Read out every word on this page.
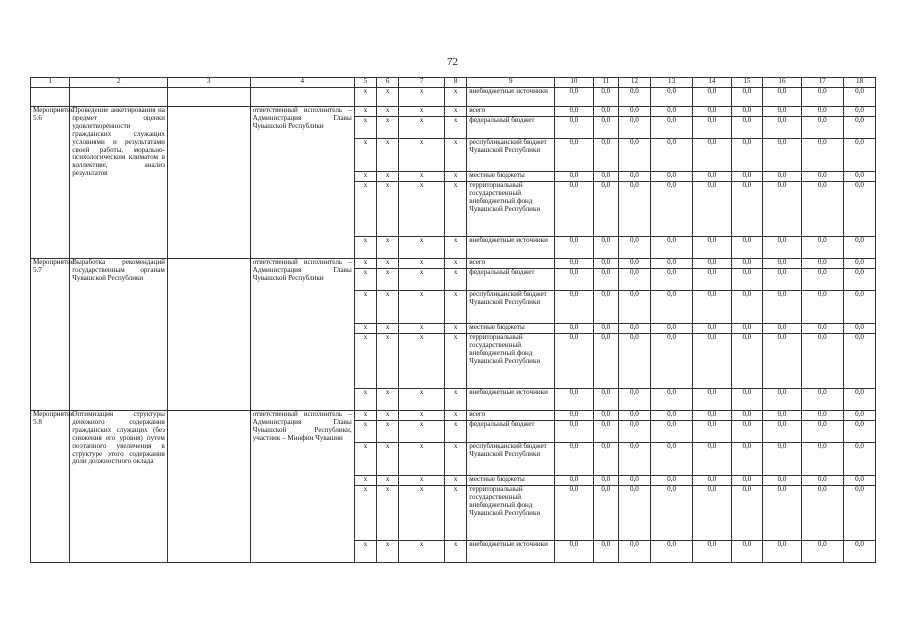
72
1	2	3	4	5	6	7	8	9	10	11	12	13	14	15	16	17	18
				x	x	x	x	внебюджетные источники	0,0	0,0	0,0	0,0	0,0	0,0	0,0	0,0	0,0
Мероприятие 5.6	Проведение анкетирования на предмет оценки удовлетворенности гражданских служащих условиями и результатами своей работы, морально-психологическим климатом в коллективе, анализ результатов		ответственный исполнитель – Администрация Главы Чувашской Республики	x	x	x	x	всего	0,0	0,0	0,0	0,0	0,0	0,0	0,0	0,0	0,0
				x	x	x	x	федеральный бюджет	0,0	0,0	0,0	0,0	0,0	0,0	0,0	0,0	0,0
				x	x	x	x	республиканский бюджет Чувашской Республики	0,0	0,0	0,0	0,0	0,0	0,0	0,0	0,0	0,0
				x	x	x	x	местные бюджеты	0,0	0,0	0,0	0,0	0,0	0,0	0,0	0,0	0,0
				x	x	x	x	территориальный государственный внебюджетный фонд Чувашской Республики	0,0	0,0	0,0	0,0	0,0	0,0	0,0	0,0	0,0
				x	x	x	x	внебюджетные источники	0,0	0,0	0,0	0,0	0,0	0,0	0,0	0,0	0,0
Мероприятие 5.7	Выработка рекомендаций государственным органам Чувашской Республики		ответственный исполнитель – Администрация Главы Чувашской Республики	x	x	x	x	всего	0,0	0,0	0,0	0,0	0,0	0,0	0,0	0,0	0,0
				x	x	x	x	федеральный бюджет	0,0	0,0	0,0	0,0	0,0	0,0	0,0	0,0	0,0
				x	x	x	x	республиканский бюджет Чувашской Республики	0,0	0,0	0,0	0,0	0,0	0,0	0,0	0,0	0,0
				x	x	x	x	местные бюджеты	0,0	0,0	0,0	0,0	0,0	0,0	0,0	0,0	0,0
				x	x	x	x	территориальный государственный внебюджетный фонд Чувашской Республики	0,0	0,0	0,0	0,0	0,0	0,0	0,0	0,0	0,0
				x	x	x	x	внебюджетные источники	0,0	0,0	0,0	0,0	0,0	0,0	0,0	0,0	0,0
Мероприятие 5.8	Оптимизация структуры денежного содержания гражданских служащих (без снижения его уровня) путем поэтапного увеличения в структуре этого содержания доли должностного оклада		ответственный исполнитель – Администрация Главы Чувашской Республики, участник – Минфин Чувашии	x	x	x	x	всего	0,0	0,0	0,0	0,0	0,0	0,0	0,0	0,0	0,0
				x	x	x	x	федеральный бюджет	0,0	0,0	0,0	0,0	0,0	0,0	0,0	0,0	0,0
				x	x	x	x	республиканский бюджет Чувашской Республики	0,0	0,0	0,0	0,0	0,0	0,0	0,0	0,0	0,0
				x	x	x	x	местные бюджеты	0,0	0,0	0,0	0,0	0,0	0,0	0,0	0,0	0,0
				x	x	x	x	территориальный государственный внебюджетный фонд Чувашской Республики	0,0	0,0	0,0	0,0	0,0	0,0	0,0	0,0	0,0
				x	x	x	x	внебюджетные источники	0,0	0,0	0,0	0,0	0,0	0,0	0,0	0,0	0,0
